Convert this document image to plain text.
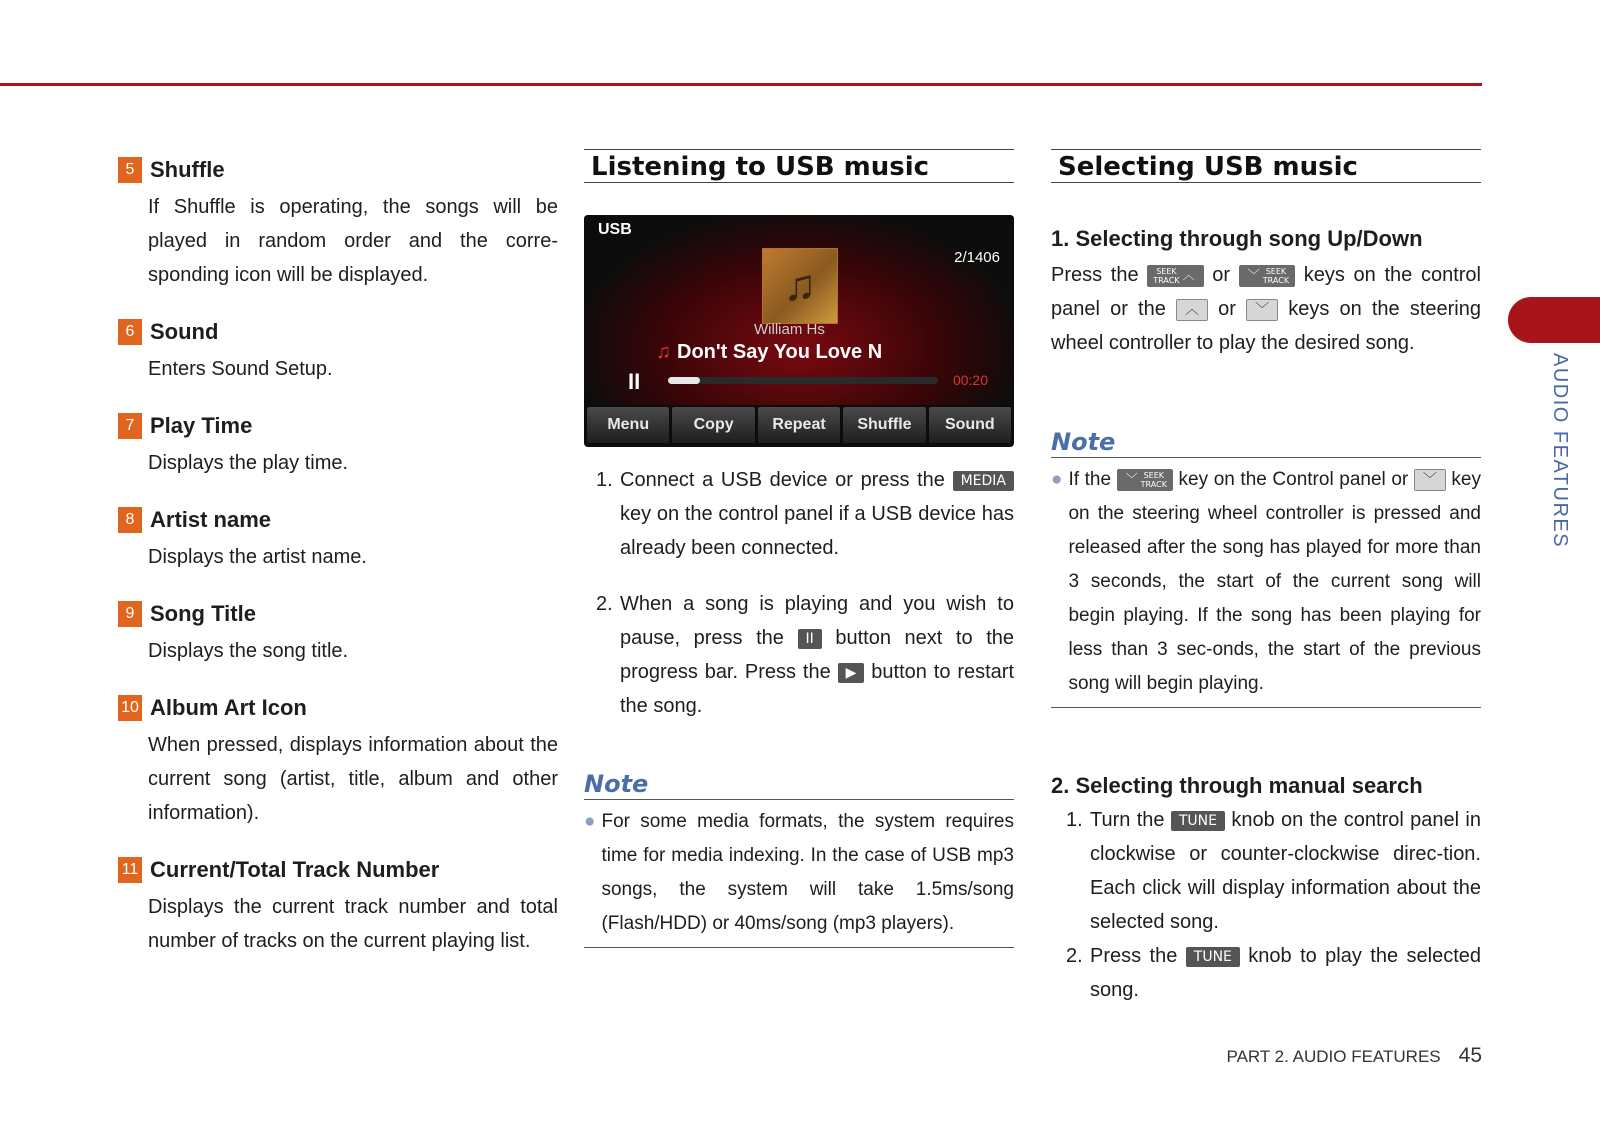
AUDIO FEATURES
5 Shuffle
If Shuffle is operating, the songs will be played in random order and the corre-sponding icon will be displayed.
6 Sound
Enters Sound Setup.
7 Play Time
Displays the play time.
8 Artist name
Displays the artist name.
9 Song Title
Displays the song title.
10 Album Art Icon
When pressed, displays information about the current song (artist, title, album and other information).
11 Current/Total Track Number
Displays the current track number and total number of tracks on the current playing list.
Listening to USB music
USB
2/1406
♫
William Hs
♫ Don't Say You Love N
II	00:20
Menu	Copy	Repeat	Shuffle	Sound
1. Connect a USB device or press the MEDIA key on the control panel if a USB device has already been connected.
2. When a song is playing and you wish to pause, press the II button next to the progress bar. Press the ▶ button to restart the song.
Note
● For some media formats, the system requires time for media indexing. In the case of USB mp3 songs, the system will take 1.5ms/song (Flash/HDD) or 40ms/song (mp3 players).
Selecting USB music
1. Selecting through song Up/Down
Press the SEEK
TRACK ︿ or ﹀ SEEK
TRACK keys on the control panel or the ︿ or ﹀ keys on the steering wheel controller to play the desired song.
Note
● If the ﹀ SEEK
TRACK key on the Control panel or ﹀ key on the steering wheel controller is pressed and released after the song has played for more than 3 seconds, the start of the current song will begin playing. If the song has been playing for less than 3 sec-onds, the start of the previous song will begin playing.
2. Selecting through manual search
1. Turn the TUNE knob on the control panel in clockwise or counter-clockwise direc-tion. Each click will display information about the selected song.
2. Press the TUNE knob to play the selected song.
PART 2. AUDIO FEATURES 45
